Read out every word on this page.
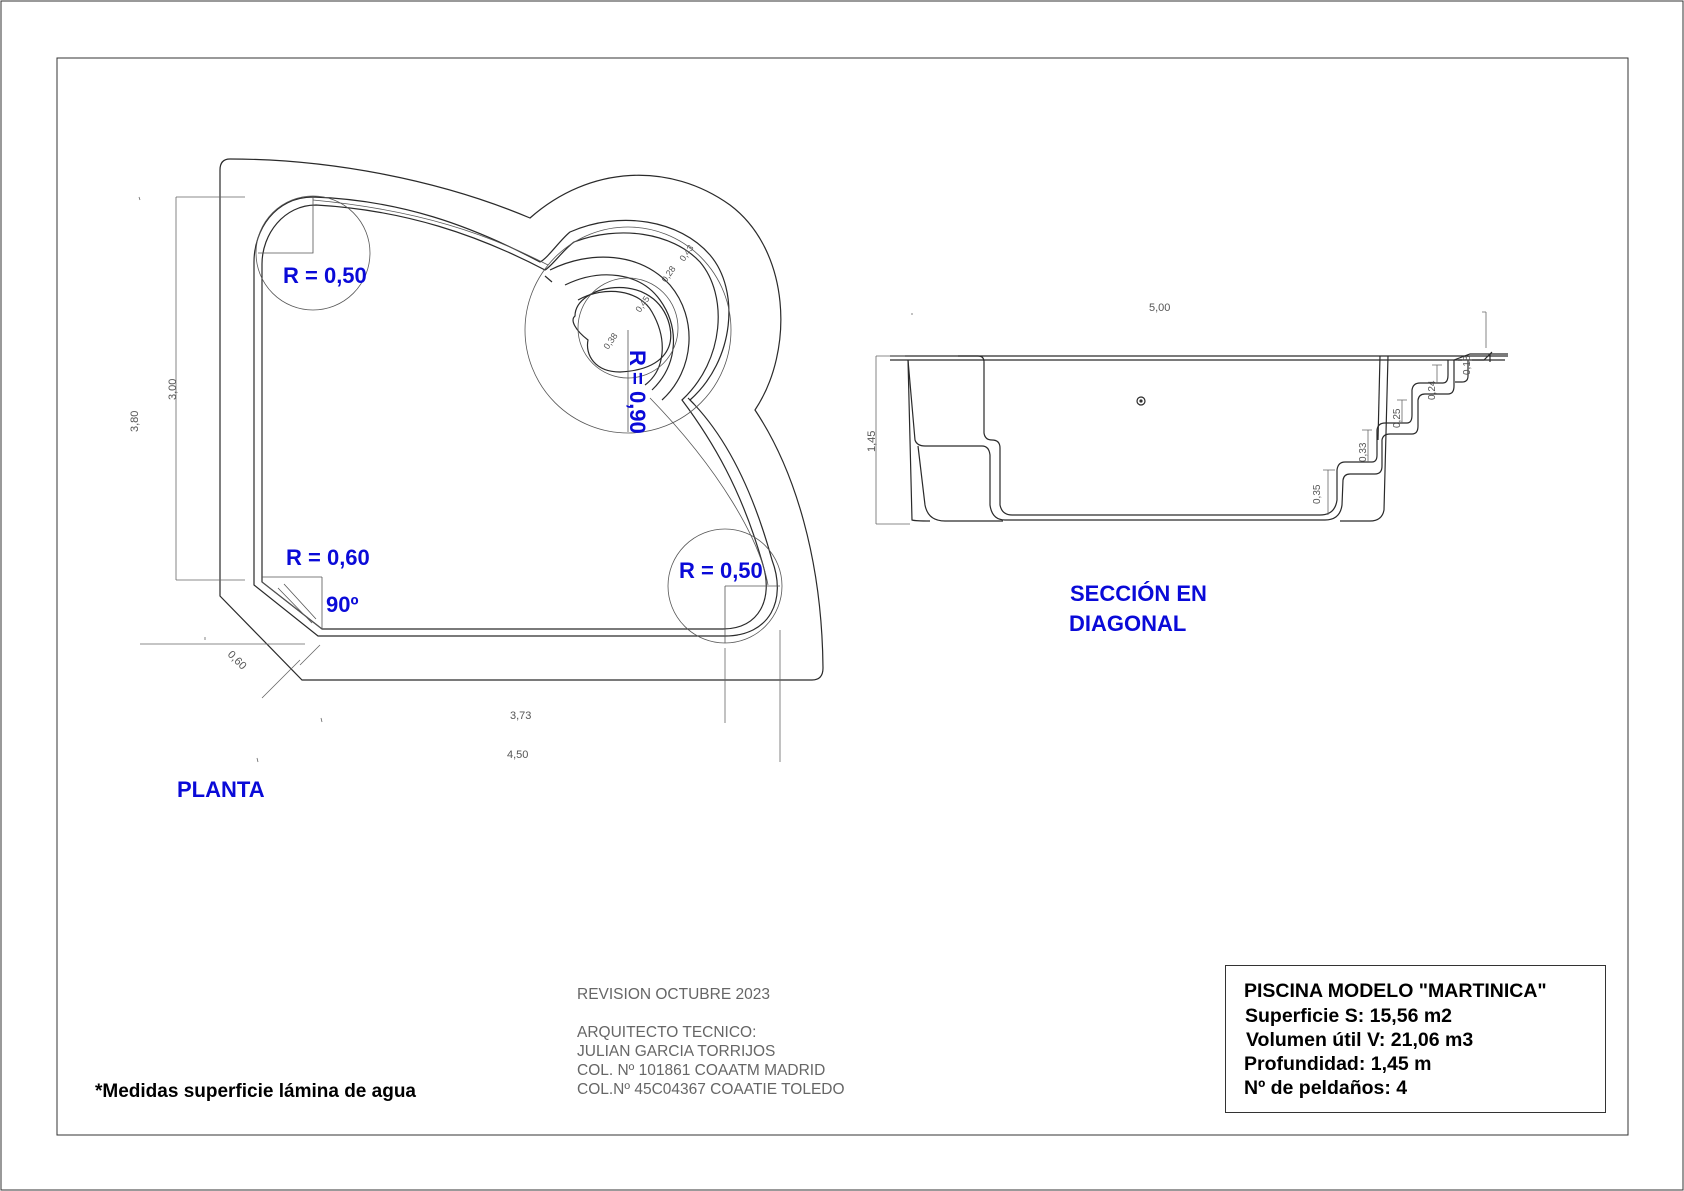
R = 0,50
R = 0,60
R = 0,50
R = 0,90
90º
3,80
3,00
3,73
4,50
0,60
0,38
0,45
0,28
0,43
PLANTA
5,00
1,45
0,35
0,33
0,25
0,24
0,18
SECCIÓN EN
DIAGONAL
*Medidas superficie lámina de agua
REVISION OCTUBRE 2023
ARQUITECTO TECNICO:
JULIAN GARCIA TORRIJOS
COL. Nº 101861 COAATM MADRID
COL.Nº 45C04367 COAATIE TOLEDO
PISCINA MODELO "MARTINICA"
Superficie S: 15,56 m2
Volumen útil V: 21,06 m3
Profundidad: 1,45 m
Nº de peldaños: 4
